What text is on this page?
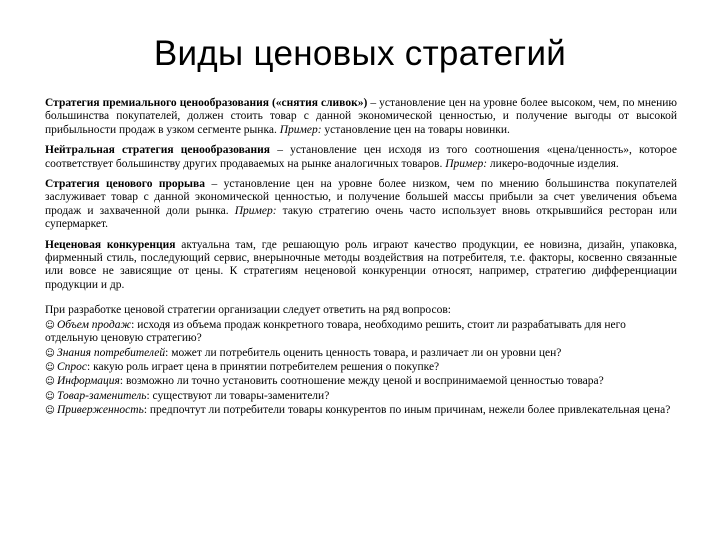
Виды ценовых стратегий

Стратегия премиального ценообразования («снятия сливок») – установление цен на уровне более высоком, чем, по мнению большинства покупателей, должен стоить товар с данной экономической ценностью, и получение выгоды от высокой прибыльности продаж в узком сегменте рынка. Пример: установление цен на товары новинки.

Нейтральная стратегия ценообразования – установление цен исходя из того соотношения «цена/ценность», которое соответствует большинству других продаваемых на рынке аналогичных товаров. Пример: ликеро-водочные изделия.

Стратегия ценового прорыва – установление цен на уровне более низком, чем по мнению большинства покупателей заслуживает товар с данной экономической ценностью, и получение большей массы прибыли за счет увеличения объема продаж и захваченной доли рынка. Пример: такую стратегию очень часто использует вновь открывшийся ресторан или супермаркет.

Неценовая конкуренция актуальна там, где решающую роль играют качество продукции, ее новизна, дизайн, упаковка, фирменный стиль, последующий сервис, внерыночные методы воздействия на потребителя, т.е. факторы, косвенно связанные или вовсе не зависящие от цены. К стратегиям неценовой конкуренции относят, например, стратегию дифференциации продукции и др.

При разработке ценовой стратегии организации следует ответить на ряд вопросов:
☺ Объем продаж: исходя из объема продаж конкретного товара, необходимо решить, стоит ли разрабатывать для него отдельную ценовую стратегию?
☺ Знания потребителей: может ли потребитель оценить ценность товара, и различает ли он уровни цен?
☺ Спрос: какую роль играет цена в принятии потребителем решения о покупке?
☺ Информация: возможно ли точно установить соотношение между ценой и воспринимаемой ценностью товара?
☺ Товар-заменитель: существуют ли товары-заменители?
☺ Приверженность: предпочтут ли потребители товары конкурентов по иным причинам, нежели более привлекательная цена?
